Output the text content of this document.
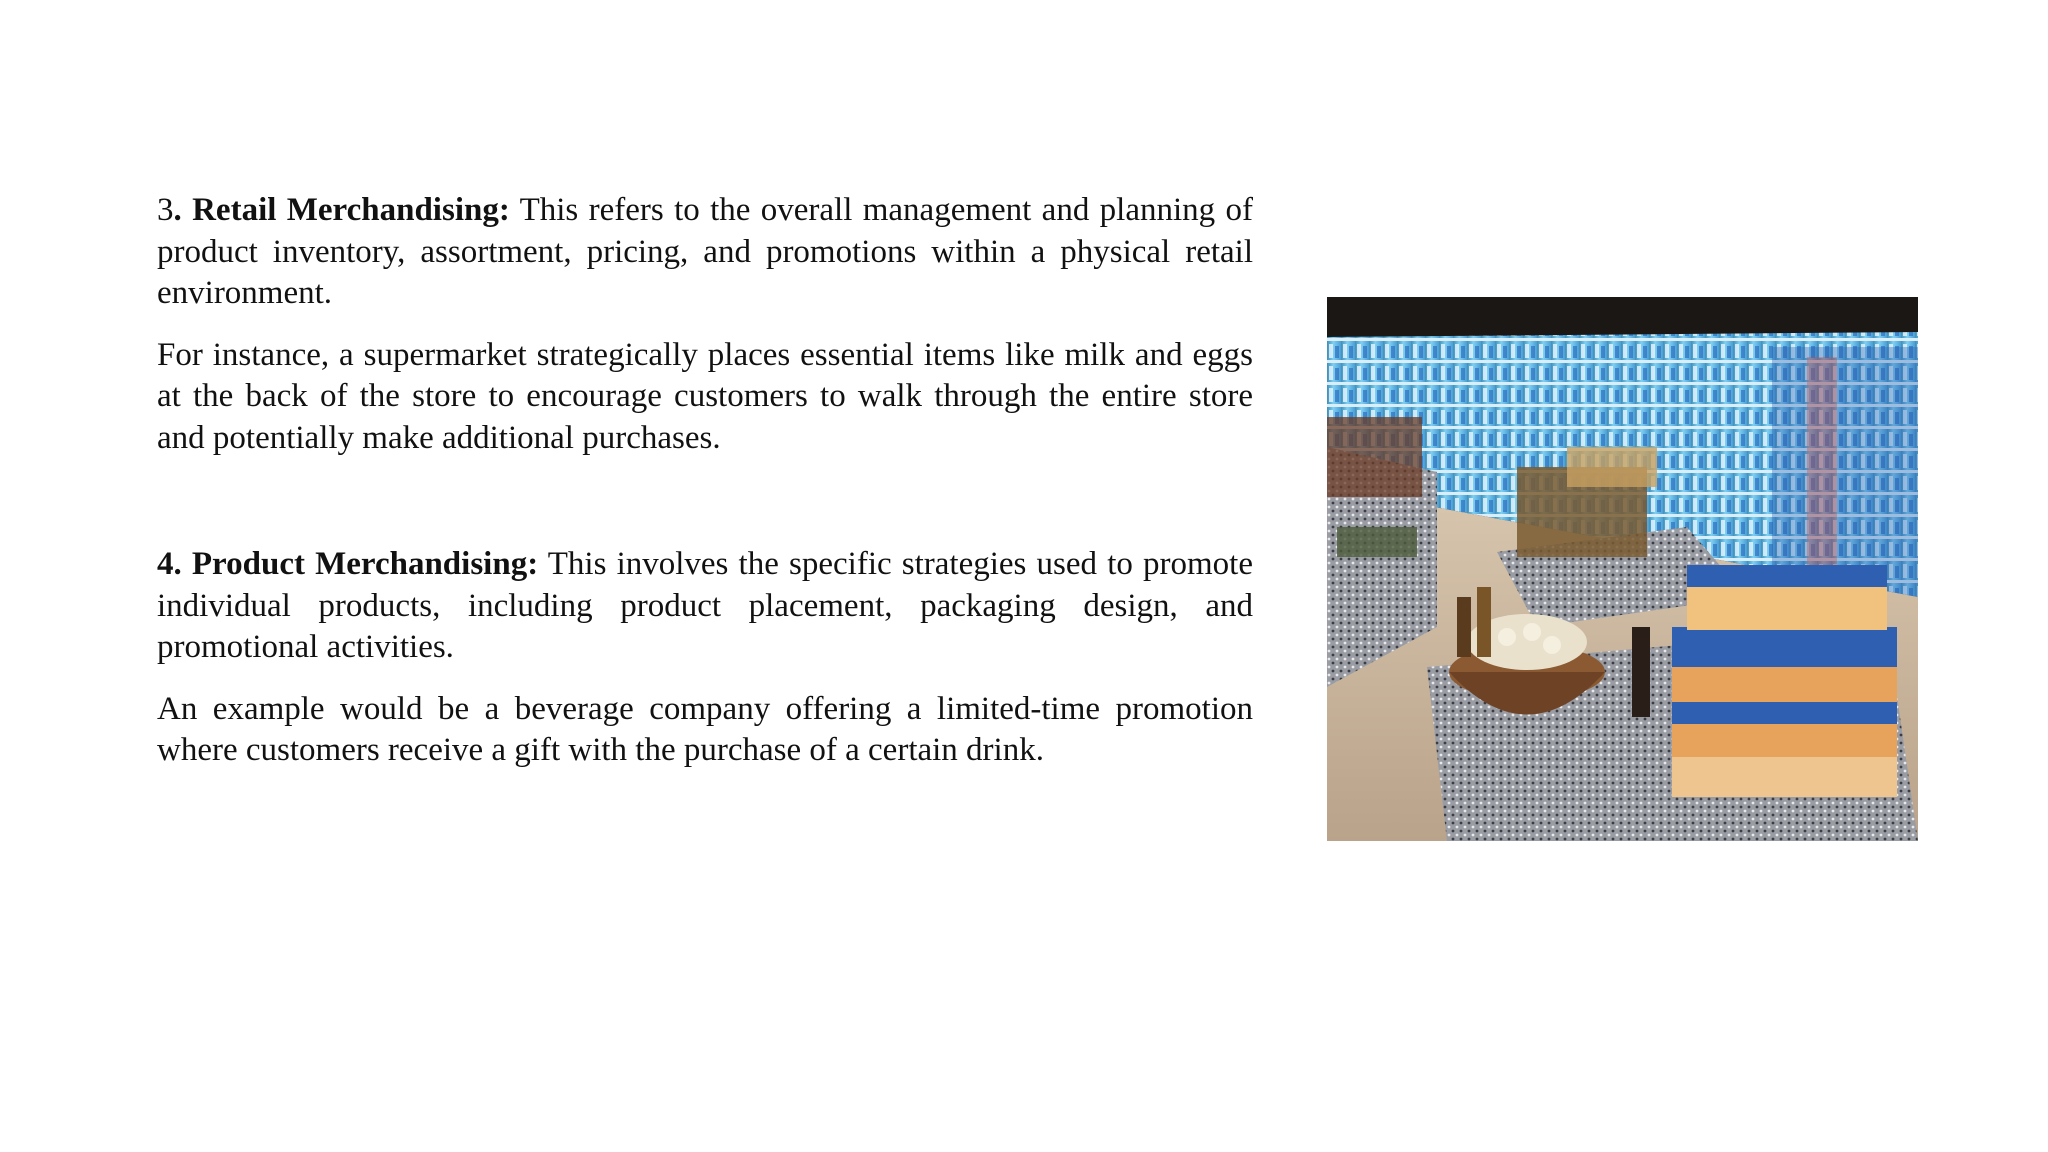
3. Retail Merchandising: This refers to the overall management and planning of product inventory, assortment, pricing, and promotions within a physical retail environment.

For instance, a supermarket strategically places essential items like milk and eggs at the back of the store to encourage customers to walk through the entire store and potentially make additional purchases.

4. Product Merchandising: This involves the specific strategies used to promote individual products, including product placement, packaging design, and promotional activities.

An example would be a beverage company offering a limited-time promotion where customers receive a gift with the purchase of a certain drink.
